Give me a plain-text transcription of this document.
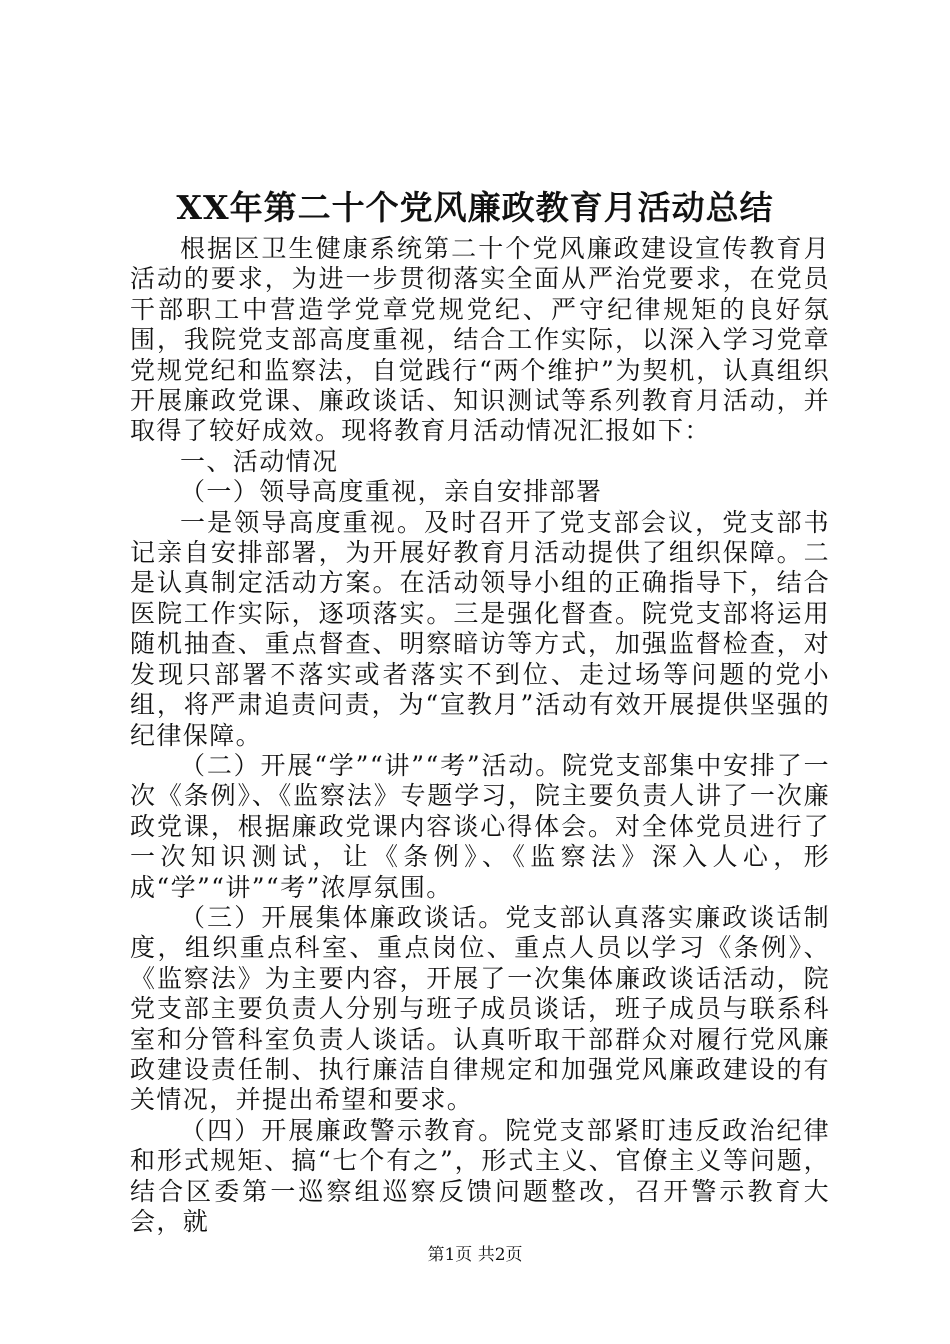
XX年第二十个党风廉政教育月活动总结

根据区卫生健康系统第二十个党风廉政建设宣传教育月活动的要求，为进一步贯彻落实全面从严治党要求，在党员干部职工中营造学党章党规党纪、严守纪律规矩的良好氛围，我院党支部高度重视，结合工作实际，以深入学习党章党规党纪和监察法，自觉践行“两个维护”为契机，认真组织开展廉政党课、廉政谈话、知识测试等系列教育月活动，并取得了较好成效。现将教育月活动情况汇报如下：

一、活动情况

（一）领导高度重视，亲自安排部署

一是领导高度重视。及时召开了党支部会议，党支部书记亲自安排部署，为开展好教育月活动提供了组织保障。二是认真制定活动方案。在活动领导小组的正确指导下，结合医院工作实际，逐项落实。三是强化督查。院党支部将运用随机抽查、重点督查、明察暗访等方式，加强监督检查，对发现只部署不落实或者落实不到位、走过场等问题的党小组，将严肃追责问责，为“宣教月”活动有效开展提供坚强的纪律保障。

（二）开展“学”“讲”“考”活动。院党支部集中安排了一次《条例》、《监察法》专题学习，院主要负责人讲了一次廉政党课，根据廉政党课内容谈心得体会。对全体党员进行了一次知识测试，让《条例》、《监察法》深入人心，形成“学”“讲”“考”浓厚氛围。

（三）开展集体廉政谈话。党支部认真落实廉政谈话制度，组织重点科室、重点岗位、重点人员以学习《条例》、《监察法》为主要内容，开展了一次集体廉政谈话活动，院党支部主要负责人分别与班子成员谈话，班子成员与联系科室和分管科室负责人谈话。认真听取干部群众对履行党风廉政建设责任制、执行廉洁自律规定和加强党风廉政建设的有关情况，并提出希望和要求。

（四）开展廉政警示教育。院党支部紧盯违反政治纪律和形式规矩、搞“七个有之”，形式主义、官僚主义等问题，结合区委第一巡察组巡察反馈问题整改，召开警示教育大会，就

第1页 共2页
